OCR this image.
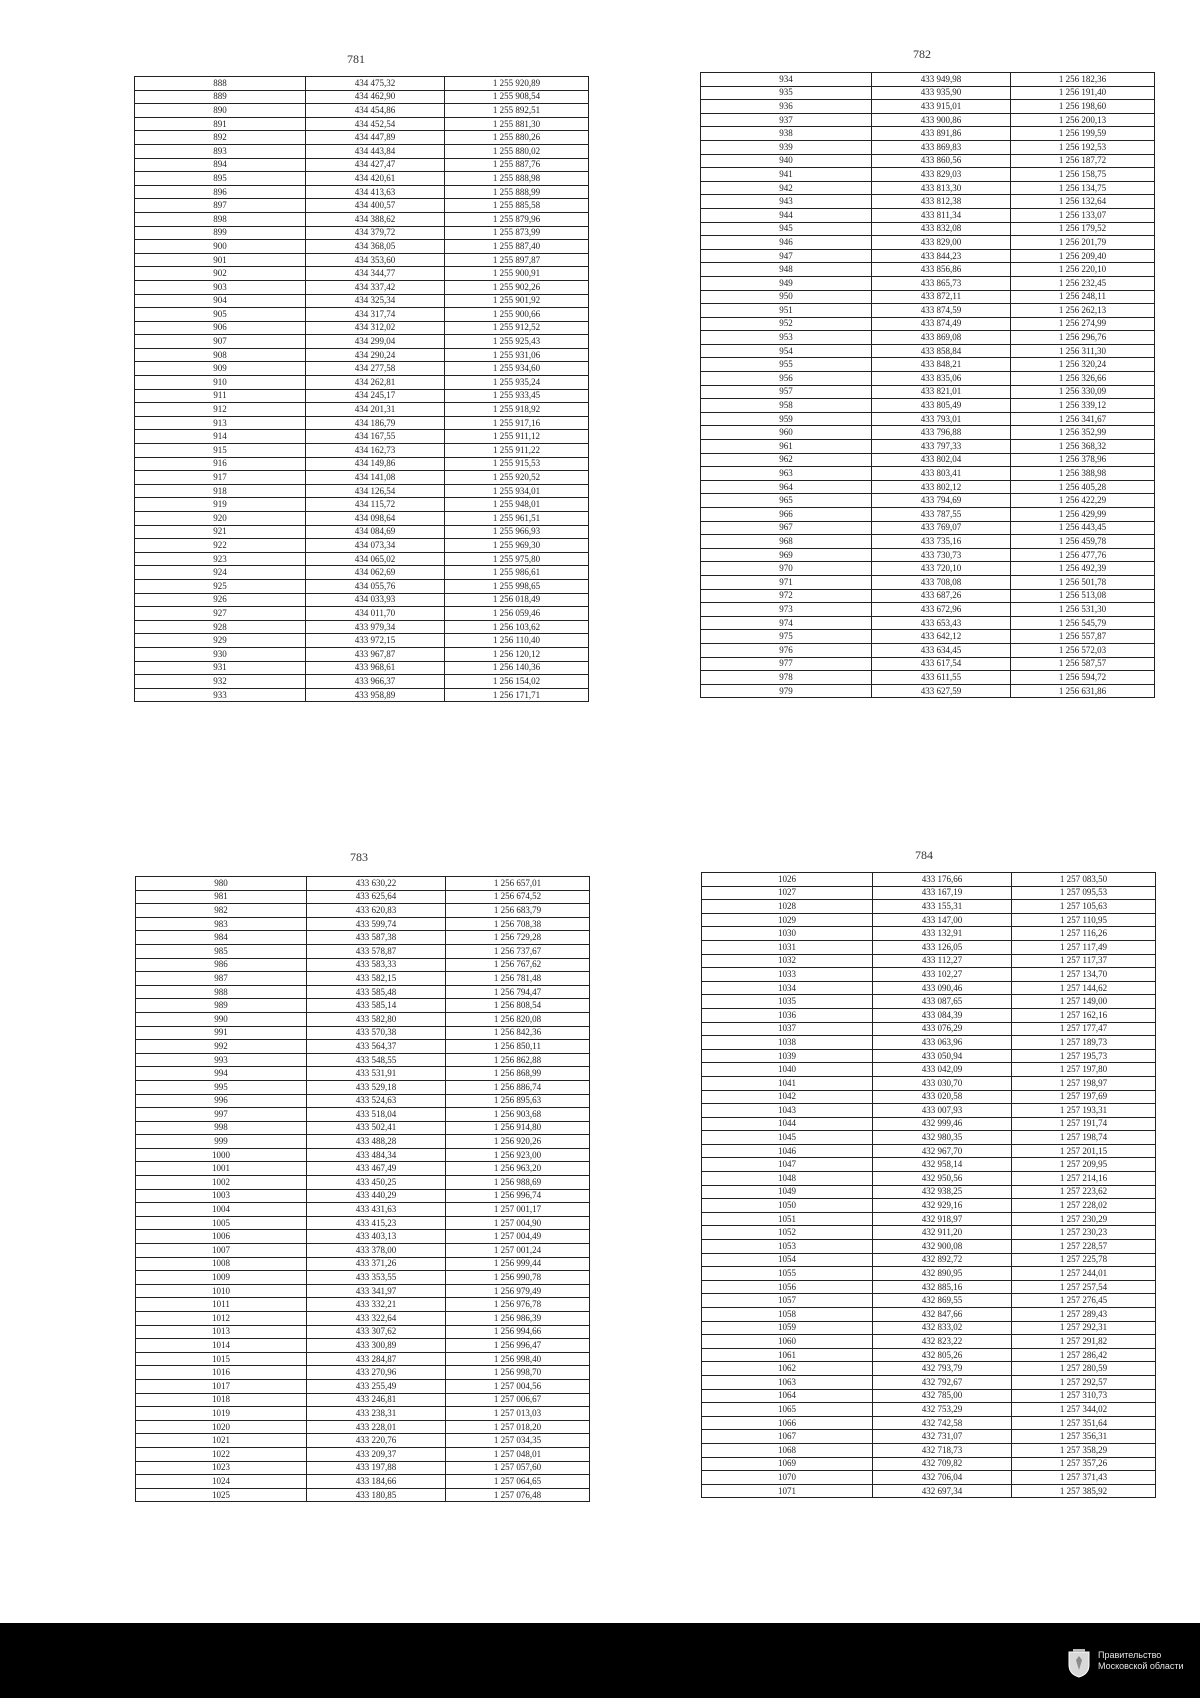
781
888	434 475,32	1 255 920,89
889	434 462,90	1 255 908,54
890	434 454,86	1 255 892,51
891	434 452,54	1 255 881,30
892	434 447,89	1 255 880,26
893	434 443,84	1 255 880,02
894	434 427,47	1 255 887,76
895	434 420,61	1 255 888,98
896	434 413,63	1 255 888,99
897	434 400,57	1 255 885,58
898	434 388,62	1 255 879,96
899	434 379,72	1 255 873,99
900	434 368,05	1 255 887,40
901	434 353,60	1 255 897,87
902	434 344,77	1 255 900,91
903	434 337,42	1 255 902,26
904	434 325,34	1 255 901,92
905	434 317,74	1 255 900,66
906	434 312,02	1 255 912,52
907	434 299,04	1 255 925,43
908	434 290,24	1 255 931,06
909	434 277,58	1 255 934,60
910	434 262,81	1 255 935,24
911	434 245,17	1 255 933,45
912	434 201,31	1 255 918,92
913	434 186,79	1 255 917,16
914	434 167,55	1 255 911,12
915	434 162,73	1 255 911,22
916	434 149,86	1 255 915,53
917	434 141,08	1 255 920,52
918	434 126,54	1 255 934,01
919	434 115,72	1 255 948,01
920	434 098,64	1 255 961,51
921	434 084,69	1 255 966,93
922	434 073,34	1 255 969,30
923	434 065,02	1 255 975,80
924	434 062,69	1 255 986,61
925	434 055,76	1 255 998,65
926	434 033,93	1 256 018,49
927	434 011,70	1 256 059,46
928	433 979,34	1 256 103,62
929	433 972,15	1 256 110,40
930	433 967,87	1 256 120,12
931	433 968,61	1 256 140,36
932	433 966,37	1 256 154,02
933	433 958,89	1 256 171,71
782
934	433 949,98	1 256 182,36
935	433 935,90	1 256 191,40
936	433 915,01	1 256 198,60
937	433 900,86	1 256 200,13
938	433 891,86	1 256 199,59
939	433 869,83	1 256 192,53
940	433 860,56	1 256 187,72
941	433 829,03	1 256 158,75
942	433 813,30	1 256 134,75
943	433 812,38	1 256 132,64
944	433 811,34	1 256 133,07
945	433 832,08	1 256 179,52
946	433 829,00	1 256 201,79
947	433 844,23	1 256 209,40
948	433 856,86	1 256 220,10
949	433 865,73	1 256 232,45
950	433 872,11	1 256 248,11
951	433 874,59	1 256 262,13
952	433 874,49	1 256 274,99
953	433 869,08	1 256 296,76
954	433 858,84	1 256 311,30
955	433 848,21	1 256 320,24
956	433 835,06	1 256 326,66
957	433 821,01	1 256 330,09
958	433 805,49	1 256 339,12
959	433 793,01	1 256 341,67
960	433 796,88	1 256 352,99
961	433 797,33	1 256 368,32
962	433 802,04	1 256 378,96
963	433 803,41	1 256 388,98
964	433 802,12	1 256 405,28
965	433 794,69	1 256 422,29
966	433 787,55	1 256 429,99
967	433 769,07	1 256 443,45
968	433 735,16	1 256 459,78
969	433 730,73	1 256 477,76
970	433 720,10	1 256 492,39
971	433 708,08	1 256 501,78
972	433 687,26	1 256 513,08
973	433 672,96	1 256 531,30
974	433 653,43	1 256 545,79
975	433 642,12	1 256 557,87
976	433 634,45	1 256 572,03
977	433 617,54	1 256 587,57
978	433 611,55	1 256 594,72
979	433 627,59	1 256 631,86
783
980	433 630,22	1 256 657,01
981	433 625,64	1 256 674,52
982	433 620,83	1 256 683,79
983	433 599,74	1 256 708,38
984	433 587,38	1 256 729,28
985	433 578,87	1 256 737,67
986	433 583,33	1 256 767,62
987	433 582,15	1 256 781,48
988	433 585,48	1 256 794,47
989	433 585,14	1 256 808,54
990	433 582,80	1 256 820,08
991	433 570,38	1 256 842,36
992	433 564,37	1 256 850,11
993	433 548,55	1 256 862,88
994	433 531,91	1 256 868,99
995	433 529,18	1 256 886,74
996	433 524,63	1 256 895,63
997	433 518,04	1 256 903,68
998	433 502,41	1 256 914,80
999	433 488,28	1 256 920,26
1000	433 484,34	1 256 923,00
1001	433 467,49	1 256 963,20
1002	433 450,25	1 256 988,69
1003	433 440,29	1 256 996,74
1004	433 431,63	1 257 001,17
1005	433 415,23	1 257 004,90
1006	433 403,13	1 257 004,49
1007	433 378,00	1 257 001,24
1008	433 371,26	1 256 999,44
1009	433 353,55	1 256 990,78
1010	433 341,97	1 256 979,49
1011	433 332,21	1 256 976,78
1012	433 322,64	1 256 986,39
1013	433 307,62	1 256 994,66
1014	433 300,89	1 256 996,47
1015	433 284,87	1 256 998,40
1016	433 270,96	1 256 998,70
1017	433 255,49	1 257 004,56
1018	433 246,81	1 257 006,67
1019	433 238,31	1 257 013,03
1020	433 228,01	1 257 018,20
1021	433 220,76	1 257 034,35
1022	433 209,37	1 257 048,01
1023	433 197,88	1 257 057,60
1024	433 184,66	1 257 064,65
1025	433 180,85	1 257 076,48
784
1026	433 176,66	1 257 083,50
1027	433 167,19	1 257 095,53
1028	433 155,31	1 257 105,63
1029	433 147,00	1 257 110,95
1030	433 132,91	1 257 116,26
1031	433 126,05	1 257 117,49
1032	433 112,27	1 257 117,37
1033	433 102,27	1 257 134,70
1034	433 090,46	1 257 144,62
1035	433 087,65	1 257 149,00
1036	433 084,39	1 257 162,16
1037	433 076,29	1 257 177,47
1038	433 063,96	1 257 189,73
1039	433 050,94	1 257 195,73
1040	433 042,09	1 257 197,80
1041	433 030,70	1 257 198,97
1042	433 020,58	1 257 197,69
1043	433 007,93	1 257 193,31
1044	432 999,46	1 257 191,74
1045	432 980,35	1 257 198,74
1046	432 967,70	1 257 201,15
1047	432 958,14	1 257 209,95
1048	432 950,56	1 257 214,16
1049	432 938,25	1 257 223,62
1050	432 929,16	1 257 228,02
1051	432 918,97	1 257 230,29
1052	432 911,20	1 257 230,23
1053	432 900,08	1 257 228,57
1054	432 892,72	1 257 225,78
1055	432 890,95	1 257 244,01
1056	432 885,16	1 257 257,54
1057	432 869,55	1 257 276,45
1058	432 847,66	1 257 289,43
1059	432 833,02	1 257 292,31
1060	432 823,22	1 257 291,82
1061	432 805,26	1 257 286,42
1062	432 793,79	1 257 280,59
1063	432 792,67	1 257 292,57
1064	432 785,00	1 257 310,73
1065	432 753,29	1 257 344,02
1066	432 742,58	1 257 351,64
1067	432 731,07	1 257 356,31
1068	432 718,73	1 257 358,29
1069	432 709,82	1 257 357,26
1070	432 706,04	1 257 371,43
1071	432 697,34	1 257 385,92
Правительство
Московской области
